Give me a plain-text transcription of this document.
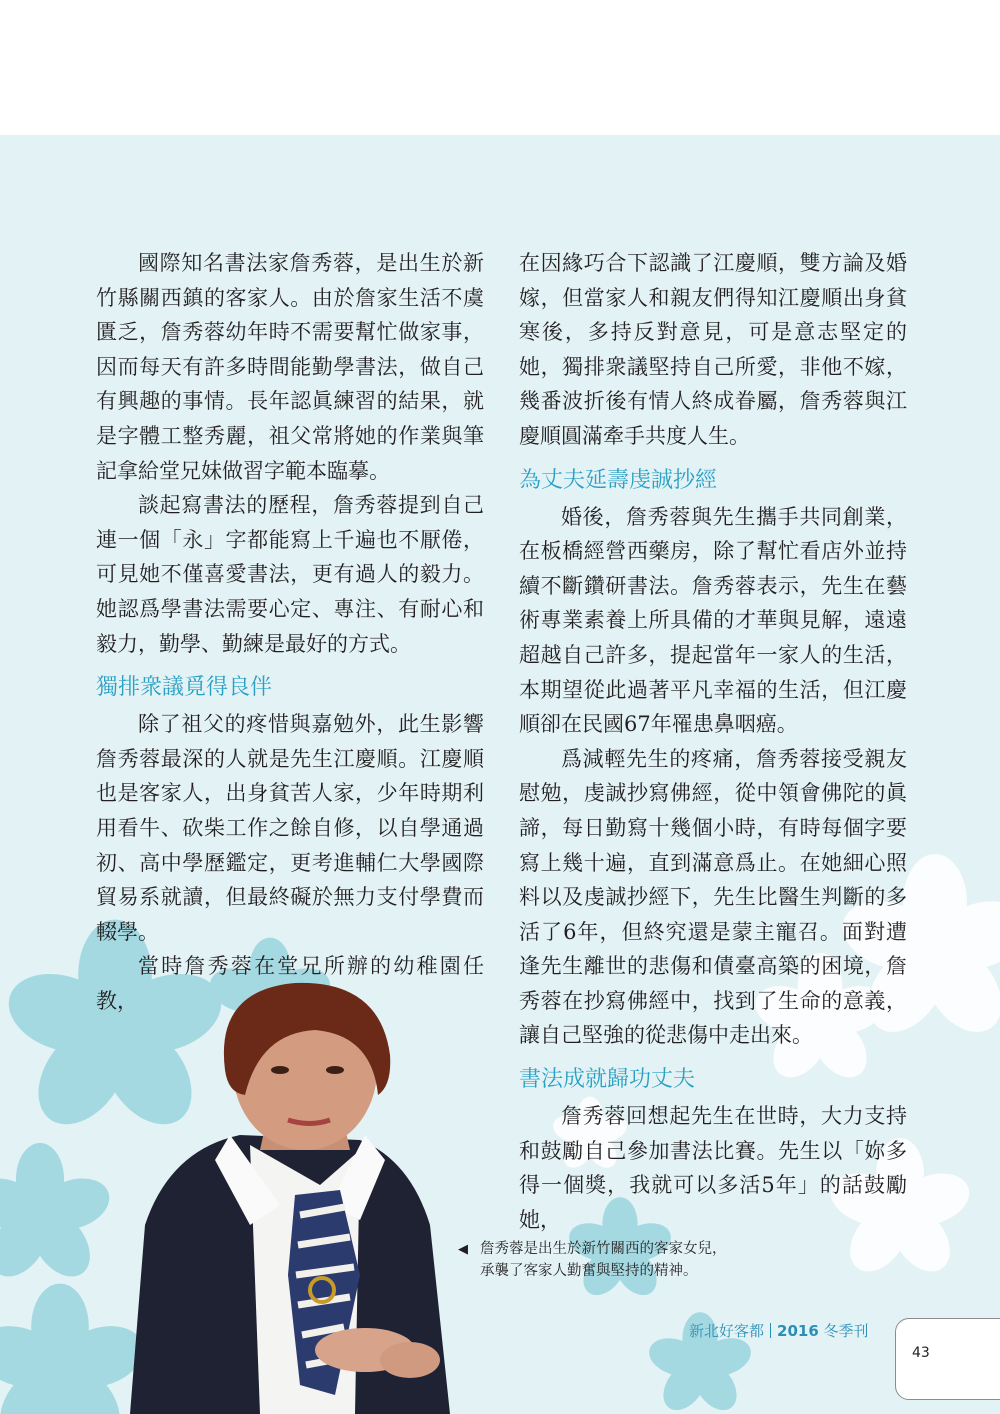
國際知名書法家詹秀蓉，是出生於新竹縣關西鎮的客家人。由於詹家生活不虞匱乏，詹秀蓉幼年時不需要幫忙做家事，因而每天有許多時間能勤學書法，做自己有興趣的事情。長年認眞練習的結果，就是字體工整秀麗，祖父常將她的作業與筆記拿給堂兄妹做習字範本臨摹。

談起寫書法的歷程，詹秀蓉提到自己連一個「永」字都能寫上千遍也不厭倦，可見她不僅喜愛書法，更有過人的毅力。她認爲學書法需要心定、專注、有耐心和毅力，勤學、勤練是最好的方式。

獨排衆議覓得良伴

除了祖父的疼惜與嘉勉外，此生影響詹秀蓉最深的人就是先生江慶順。江慶順也是客家人，出身貧苦人家，少年時期利用看牛、砍柴工作之餘自修，以自學通過初、高中學歷鑑定，更考進輔仁大學國際貿易系就讀，但最終礙於無力支付學費而輟學。

當時詹秀蓉在堂兄所辦的幼稚園任教，

在因緣巧合下認識了江慶順，雙方論及婚嫁，但當家人和親友們得知江慶順出身貧寒後，多持反對意見，可是意志堅定的她，獨排衆議堅持自己所愛，非他不嫁，幾番波折後有情人終成眷屬，詹秀蓉與江慶順圓滿牽手共度人生。

為丈夫延壽虔誠抄經

婚後，詹秀蓉與先生攜手共同創業，在板橋經營西藥房，除了幫忙看店外並持續不斷鑽研書法。詹秀蓉表示，先生在藝術專業素養上所具備的才華與見解，遠遠超越自己許多，提起當年一家人的生活，本期望從此過著平凡幸福的生活，但江慶順卻在民國67年罹患鼻咽癌。

爲減輕先生的疼痛，詹秀蓉接受親友慰勉，虔誠抄寫佛經，從中領會佛陀的眞諦，每日勤寫十幾個小時，有時每個字要寫上幾十遍，直到滿意爲止。在她細心照料以及虔誠抄經下，先生比醫生判斷的多活了6年，但終究還是蒙主寵召。面對遭逢先生離世的悲傷和債臺高築的困境，詹秀蓉在抄寫佛經中，找到了生命的意義，讓自己堅強的從悲傷中走出來。

書法成就歸功丈夫

詹秀蓉回想起先生在世時，大力支持和鼓勵自己參加書法比賽。先生以「妳多得一個獎，我就可以多活5年」的話鼓勵她，

◀ 詹秀蓉是出生於新竹關西的客家女兒，
承襲了客家人勤奮與堅持的精神。
新北好客都 2016 冬季刊
43
